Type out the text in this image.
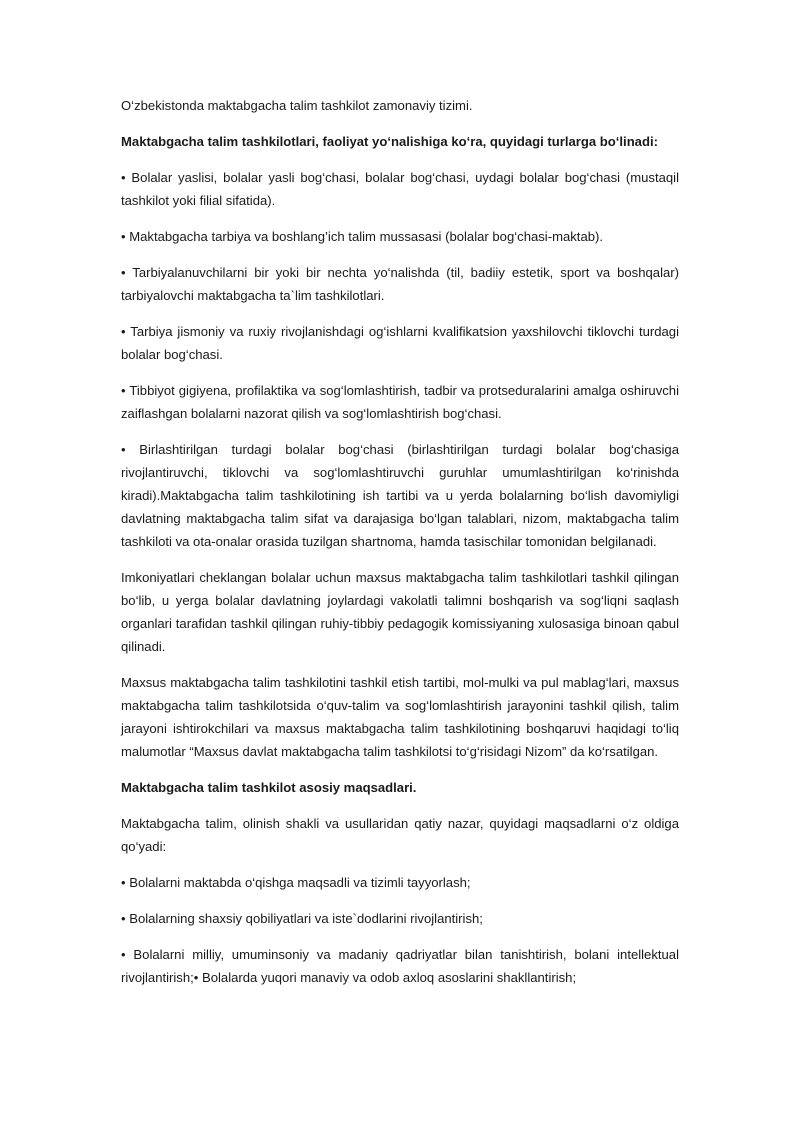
O‘zbekistonda maktabgacha talim tashkilot zamonaviy tizimi.

Maktabgacha talim tashkilotlari, faoliyat yo‘nalishiga ko‘ra, quyidagi turlarga bo‘linadi:

• Bolalar yaslisi, bolalar yasli bog‘chasi, bolalar bog‘chasi, uydagi bolalar bog‘chasi (mustaqil tashkilot yoki filial sifatida).

• Maktabgacha tarbiya va boshlang’ich talim mussasasi (bolalar bog‘chasi-maktab).

• Tarbiyalanuvchilarni bir yoki bir nechta yo‘nalishda (til, badiiy estetik, sport va boshqalar) tarbiyalovchi maktabgacha ta`lim tashkilotlari.

• Tarbiya jismoniy va ruxiy rivojlanishdagi og‘ishlarni kvalifikatsion yaxshilovchi tiklovchi turdagi bolalar bog‘chasi.

• Tibbiyot gigiyena, profilaktika va sog‘lomlashtirish, tadbir va protseduralarini amalga oshiruvchi zaiflashgan bolalarni nazorat qilish va sog‘lomlashtirish bog‘chasi.

• Birlashtirilgan turdagi bolalar bog‘chasi (birlashtirilgan turdagi bolalar bog‘chasiga rivojlantiruvchi, tiklovchi va sog‘lomlashtiruvchi guruhlar umumlashtirilgan ko‘rinishda kiradi).Maktabgacha talim tashkilotining ish tartibi va u yerda bolalarning bo‘lish davomiyligi davlatning maktabgacha talim sifat va darajasiga bo‘lgan talablari, nizom, maktabgacha talim tashkiloti va ota-onalar orasida tuzilgan shartnoma, hamda tasischilar tomonidan belgilanadi.

Imkoniyatlari cheklangan bolalar uchun maxsus maktabgacha talim tashkilotlari tashkil qilingan bo‘lib, u yerga bolalar davlatning joylardagi vakolatli talimni boshqarish va sog‘liqni saqlash organlari tarafidan tashkil qilingan ruhiy-tibbiy pedagogik komissiyaning xulosasiga binoan qabul qilinadi.

Maxsus maktabgacha talim tashkilotini tashkil etish tartibi, mol-mulki va pul mablag‘lari, maxsus maktabgacha talim tashkilotsida o‘quv-talim va sog‘lomlashtirish jarayonini tashkil qilish, talim jarayoni ishtirokchilari va maxsus maktabgacha talim tashkilotining boshqaruvi haqidagi to‘liq malumotlar “Maxsus davlat maktabgacha talim tashkilotsi to‘g‘risidagi Nizom” da ko‘rsatilgan.

Maktabgacha talim tashkilot asosiy maqsadlari.

Maktabgacha talim, olinish shakli va usullaridan qatiy nazar, quyidagi maqsadlarni o‘z oldiga qo‘yadi:

• Bolalarni maktabda o‘qishga maqsadli va tizimli tayyorlash;

• Bolalarning shaxsiy qobiliyatlari va iste`dodlarini rivojlantirish;

• Bolalarni milliy, umuminsoniy va madaniy qadriyatlar bilan tanishtirish, bolani intellektual rivojlantirish;• Bolalarda yuqori manaviy va odob axloq asoslarini shakllantirish;
